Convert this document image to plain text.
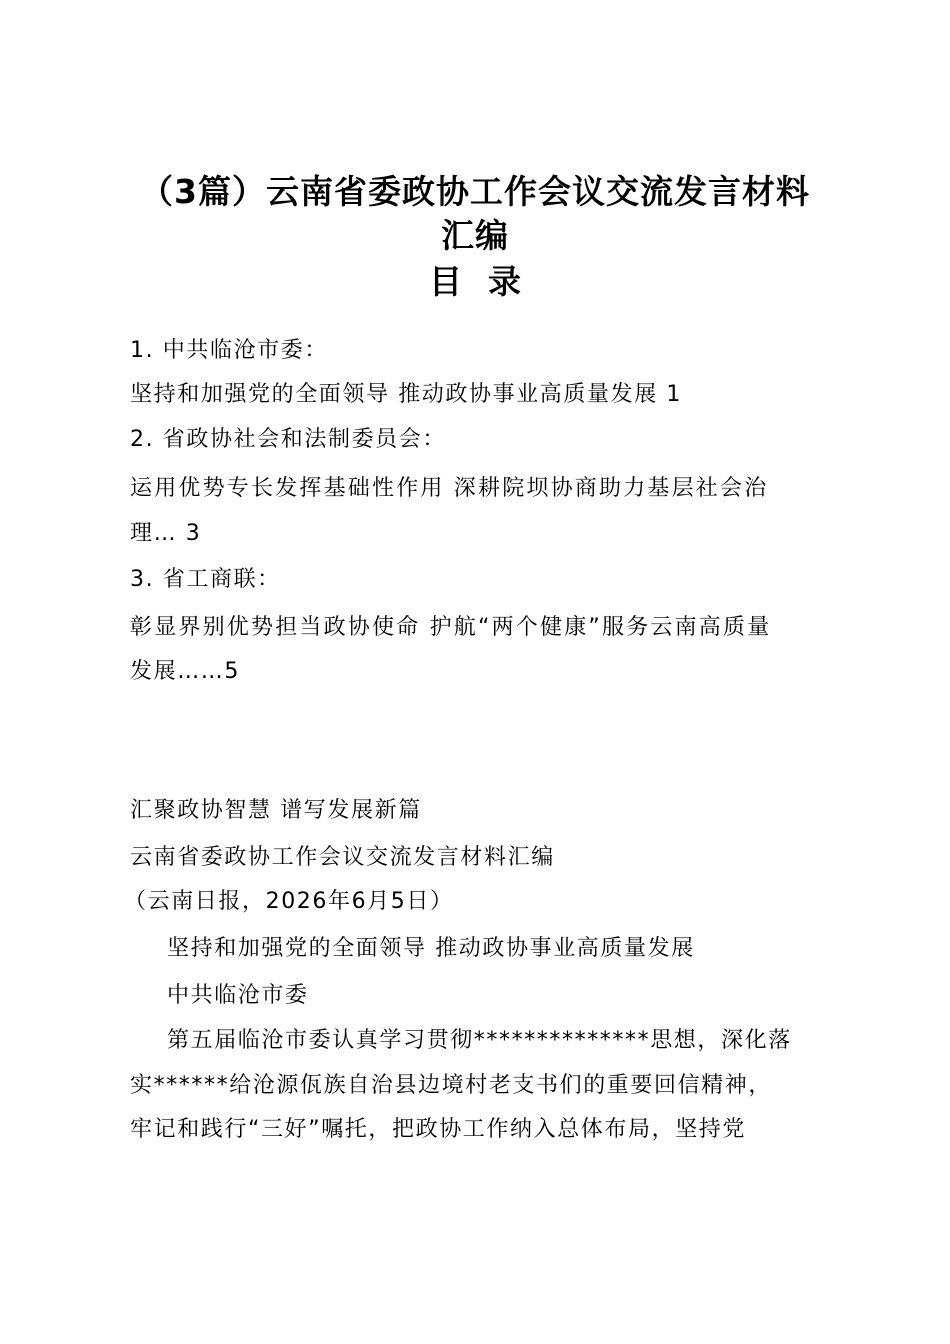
（3篇）云南省委政协工作会议交流发言材料
汇编
目录
1. 中共临沧市委：
坚持和加强党的全面领导 推动政协事业高质量发展 1
2. 省政协社会和法制委员会：
运用优势专长发挥基础性作用 深耕院坝协商助力基层社会治
理… 3
3. 省工商联：
彰显界别优势担当政协使命 护航“两个健康”服务云南高质量
发展……5
汇聚政协智慧 谱写发展新篇
云南省委政协工作会议交流发言材料汇编
（云南日报，2026年6月5日）
坚持和加强党的全面领导 推动政协事业高质量发展
中共临沧市委
第五届临沧市委认真学习贯彻**************思想，深化落
实******给沧源佤族自治县边境村老支书们的重要回信精神，
牢记和践行“三好”嘱托，把政协工作纳入总体布局，坚持党
